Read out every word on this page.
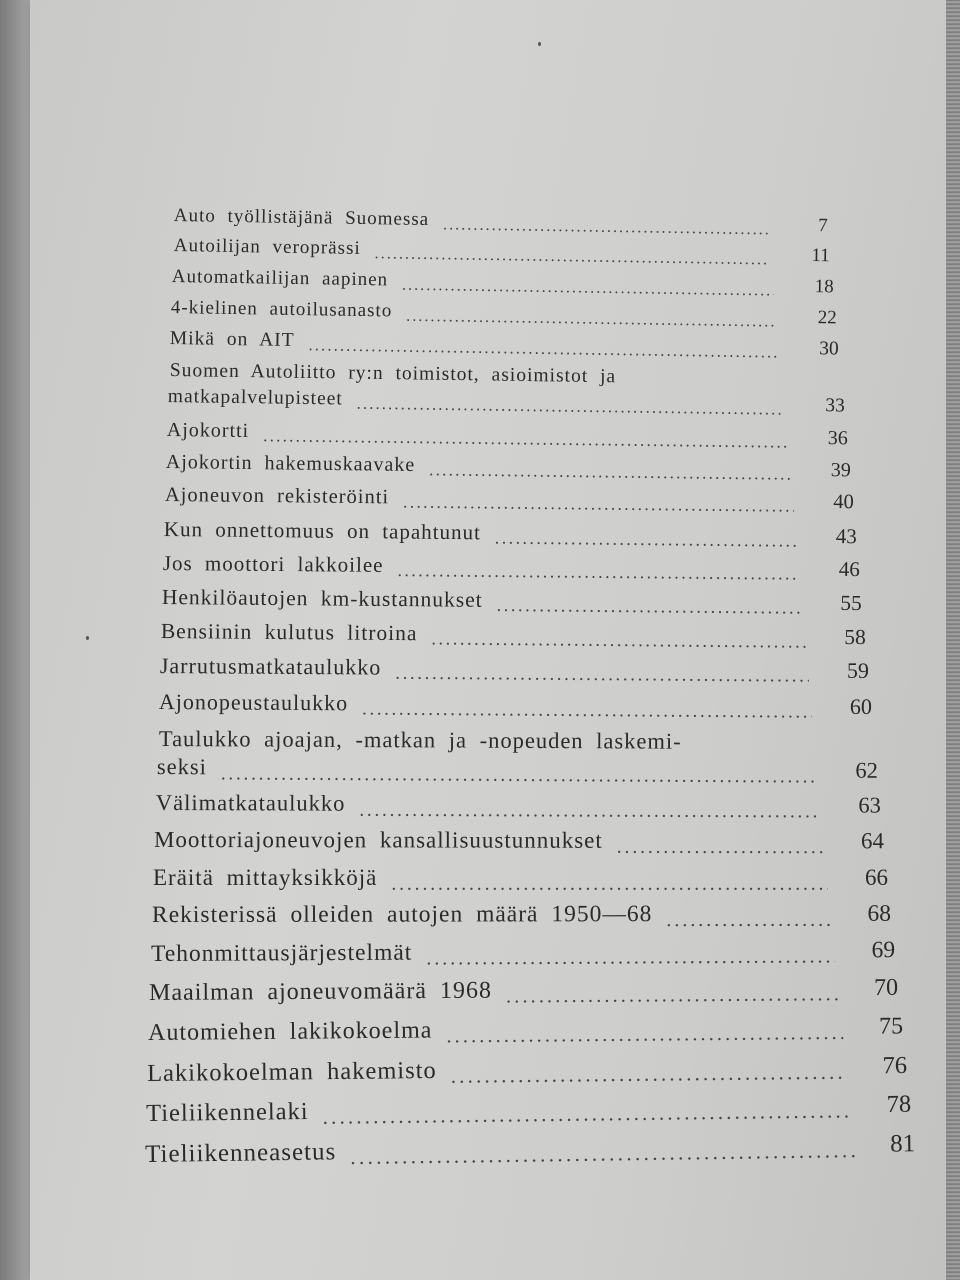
Auto työllistäjänä Suomessa . . .	7
Autoilijan veroprässi . . .	11
Automatkailijan aapinen . . .	18
4-kielinen autoilusanasto . . .	22
Mikä on AIT . . .	30
Suomen Autoliitto ry:n toimistot, asioimistot ja
matkapalvelupisteet . . .	33
Ajokortti . . .	36
Ajokortin hakemuskaavake . . .	39
Ajoneuvon rekisteröinti . . .	40
Kun onnettomuus on tapahtunut . . .	43
Jos moottori lakkoilee . . .	46
Henkilöautojen km-kustannukset . . .	55
Bensiinin kulutus litroina . . .	58
Jarrutusmatkataulukko . . .	59
Ajonopeustaulukko . . .	60
Taulukko ajoajan, -matkan ja -nopeuden laskemi-
seksi . . .	62
Välimatkataulukko . . .	63
Moottoriajoneuvojen kansallisuustunnukset . . .	64
Eräitä mittayksikköjä . . .	66
Rekisterissä olleiden autojen määrä 1950—68 . . .	68
Tehonmittausjärjestelmät . . .	69
Maailman ajoneuvomäärä 1968 . . .	70
Automiehen lakikokoelma . . .	75
Lakikokoelman hakemisto . . .	76
Tieliikennelaki . . .	78
Tieliikenneasetus . . .	81
